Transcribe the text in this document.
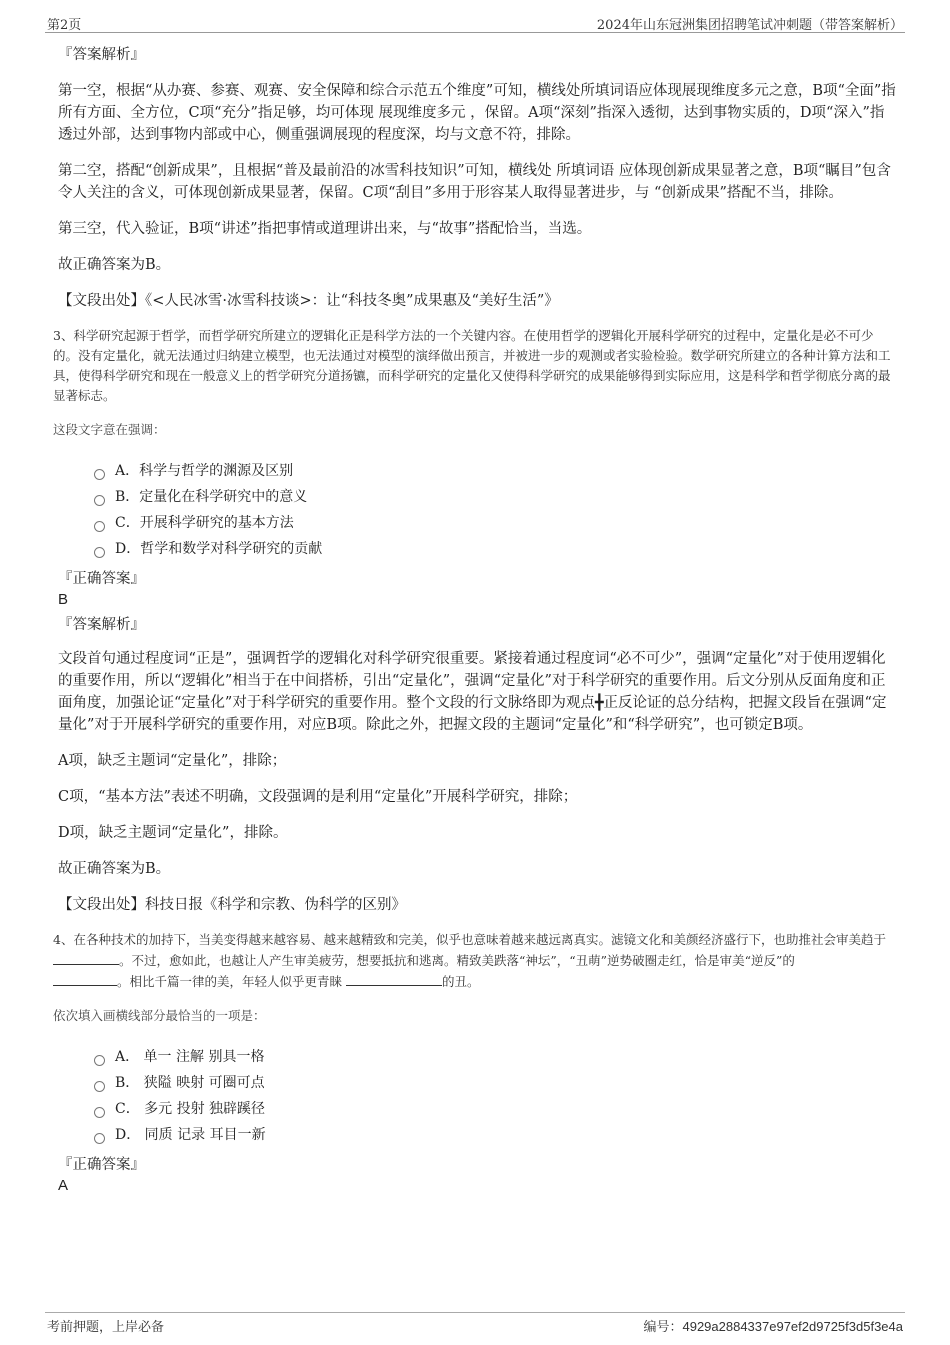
第2页	2024年山东冠洲集团招聘笔试冲刺题（带答案解析）
『答案解析』
第一空，根据“从办赛、参赛、观赛、安全保障和综合示范五个维度”可知，横线处所填词语应体现展现维度多元之意，B项“全面”指所有方面、全方位，C项“充分”指足够，均可体现 展现维度多元 ，保留。A项“深刻”指深入透彻，达到事物实质的，D项“深入”指透过外部，达到事物内部或中心，侧重强调展现的程度深，均与文意不符，排除。
第二空，搭配“创新成果”，且根据“普及最前沿的冰雪科技知识”可知，横线处 所填词语 应体现创新成果显著之意，B项“瞩目”包含令人关注的含义，可体现创新成果显著，保留。C项“刮目”多用于形容某人取得显著进步，与 “创新成果”搭配不当，排除。
第三空，代入验证，B项“讲述”指把事情或道理讲出来，与“故事”搭配恰当，当选。
故正确答案为B。
【文段出处】《<人民冰雪·冰雪科技谈>：让“科技冬奥”成果惠及“美好生活”》
3、科学研究起源于哲学，而哲学研究所建立的逻辑化正是科学方法的一个关键内容。在使用哲学的逻辑化开展科学研究的过程中，定量化是必不可少的。没有定量化，就无法通过归纳建立模型，也无法通过对模型的演绎做出预言，并被进一步的观测或者实验检验。数学研究所建立的各种计算方法和工具，使得科学研究和现在一般意义上的哲学研究分道扬镳，而科学研究的定量化又使得科学研究的成果能够得到实际应用，这是科学和哲学彻底分离的最显著标志。
这段文字意在强调：
A．科学与哲学的渊源及区别
B．定量化在科学研究中的意义
C．开展科学研究的基本方法
D．哲学和数学对科学研究的贡献
『正确答案』
B
『答案解析』
文段首句通过程度词“正是”，强调哲学的逻辑化对科学研究很重要。紧接着通过程度词“必不可少”，强调“定量化”对于使用逻辑化的重要作用，所以“逻辑化”相当于在中间搭桥，引出“定量化”，强调“定量化”对于科学研究的重要作用。后文分别从反面角度和正面角度，加强论证“定量化”对于科学研究的重要作用。整个文段的行文脉络即为观点╋正反论证的总分结构，把握文段旨在强调“定量化”对于开展科学研究的重要作用，对应B项。除此之外，把握文段的主题词“定量化”和“科学研究”，也可锁定B项。
A项，缺乏主题词“定量化”，排除；
C项，“基本方法”表述不明确，文段强调的是利用“定量化”开展科学研究，排除；
D项，缺乏主题词“定量化”，排除。
故正确答案为B。
【文段出处】科技日报《科学和宗教、伪科学的区别》
4、在各种技术的加持下，当美变得越来越容易、越来越精致和完美，似乎也意味着越来越远离真实。滤镜文化和美颜经济盛行下，也助推社会审美趋于 。不过，愈如此，也越让人产生审美疲劳，想要抵抗和逃离。精致美跌落“神坛”，“丑萌”逆势破圈走红，恰是审美“逆反”的
。相比千篇一律的美，年轻人似乎更青睐	的丑。
依次填入画横线部分最恰当的一项是：
A． 单一 注解 别具一格
B． 狭隘 映射 可圈可点
C． 多元 投射 独辟蹊径
D． 同质 记录 耳目一新
『正确答案』
A
考前押题，上岸必备	编号：4929a2884337e97ef2d9725f3d5f3e4a
